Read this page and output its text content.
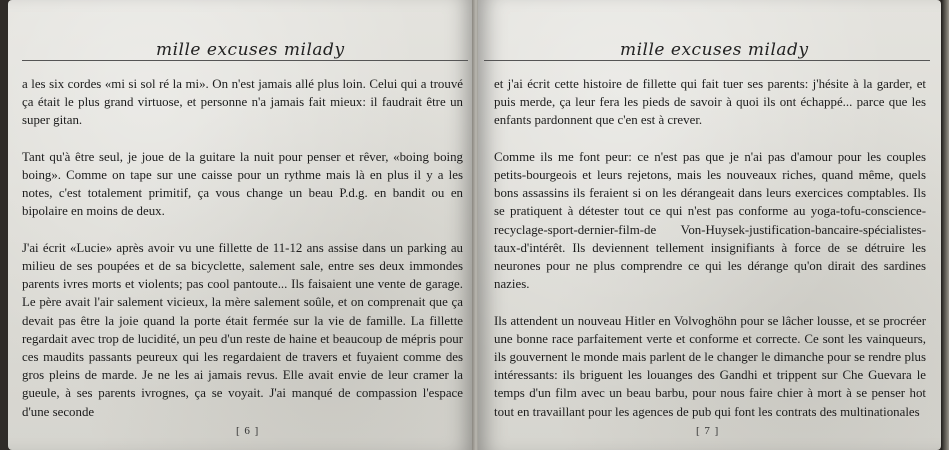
mille excuses milady

a les six cordes «mi si sol ré la mi». On n'est jamais allé plus loin. Celui qui a trouvé ça était le plus grand virtuose, et personne n'a jamais fait mieux: il faudrait être un super gitan.

Tant qu'à être seul, je joue de la guitare la nuit pour penser et rêver, «boing boing boing». Comme on tape sur une caisse pour un rythme mais là en plus il y a les notes, c'est totalement primitif, ça vous change un beau P.d.g. en bandit ou en bipolaire en moins de deux.

J'ai écrit «Lucie» après avoir vu une fillette de 11-12 ans assise dans un parking au milieu de ses poupées et de sa bicyclette, salement sale, entre ses deux immondes parents ivres morts et violents; pas cool pantoute... Ils faisaient une vente de garage. Le père avait l'air salement vicieux, la mère salement soûle, et on comprenait que ça devait pas être la joie quand la porte était fermée sur la vie de famille. La fillette regardait avec trop de lucidité, un peu d'un reste de haine et beaucoup de mépris pour ces maudits passants peureux qui les regardaient de travers et fuyaient comme des gros pleins de marde. Je ne les ai jamais revus. Elle avait envie de leur cramer la gueule, à ses parents ivrognes, ça se voyait. J'ai manqué de compassion l'espace d'une seconde

[ 6 ]
mille excuses milady

et j'ai écrit cette histoire de fillette qui fait tuer ses parents: j'hésite à la garder, et puis merde, ça leur fera les pieds de savoir à quoi ils ont échappé... parce que les enfants pardonnent que c'en est à crever.

Comme ils me font peur: ce n'est pas que je n'ai pas d'amour pour les couples petits-bourgeois et leurs rejetons, mais les nouveaux riches, quand même, quels bons assassins ils feraient si on les dérangeait dans leurs exercices comptables. Ils se pratiquent à détester tout ce qui n'est pas conforme au yoga-tofu-conscience-recyclage-sport-dernier-film-de Von-Huysek-justification-bancaire-spécialistes-taux-d'intérêt. Ils deviennent tellement insignifiants à force de se détruire les neurones pour ne plus comprendre ce qui les dérange qu'on dirait des sardines nazies.

Ils attendent un nouveau Hitler en Volvoghöhn pour se lâcher lousse, et se procréer une bonne race parfaitement verte et conforme et correcte. Ce sont les vainqueurs, ils gouvernent le monde mais parlent de le changer le dimanche pour se rendre plus intéressants: ils briguent les louanges des Gandhi et trippent sur Che Guevara le temps d'un film avec un beau barbu, pour nous faire chier à mort à se penser hot tout en travaillant pour les agences de pub qui font les contrats des multinationales

[ 7 ]
